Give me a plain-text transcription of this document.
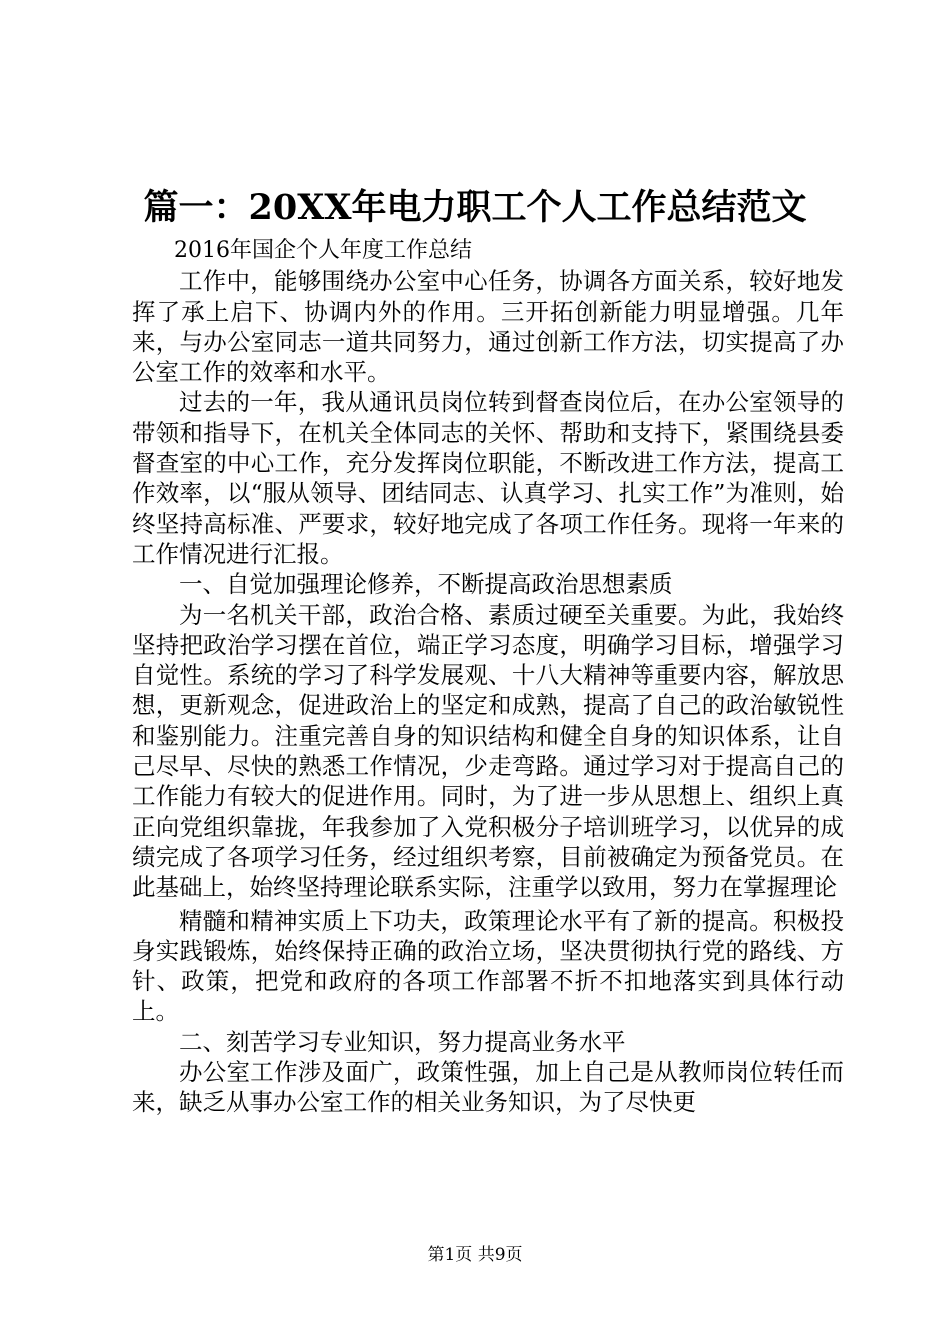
篇一：20XX年电力职工个人工作总结范文

2016年国企个人年度工作总结

工作中，能够围绕办公室中心任务，协调各方面关系，较好地发挥了承上启下、协调内外的作用。三开拓创新能力明显增强。几年来，与办公室同志一道共同努力，通过创新工作方法，切实提高了办公室工作的效率和水平。

过去的一年，我从通讯员岗位转到督查岗位后，在办公室领导的带领和指导下，在机关全体同志的关怀、帮助和支持下，紧围绕县委督查室的中心工作，充分发挥岗位职能，不断改进工作方法，提高工作效率，以“服从领导、团结同志、认真学习、扎实工作”为准则，始终坚持高标准、严要求，较好地完成了各项工作任务。现将一年来的工作情况进行汇报。

一、自觉加强理论修养，不断提高政治思想素质

为一名机关干部，政治合格、素质过硬至关重要。为此，我始终坚持把政治学习摆在首位，端正学习态度，明确学习目标，增强学习自觉性。系统的学习了科学发展观、十八大精神等重要内容，解放思想，更新观念，促进政治上的坚定和成熟，提高了自己的政治敏锐性和鉴别能力。注重完善自身的知识结构和健全自身的知识体系，让自己尽早、尽快的熟悉工作情况，少走弯路。通过学习对于提高自己的工作能力有较大的促进作用。同时，为了进一步从思想上、组织上真正向党组织靠拢，年我参加了入党积极分子培训班学习，以优异的成绩完成了各项学习任务，经过组织考察，目前被确定为预备党员。在此基础上，始终坚持理论联系实际，注重学以致用，努力在掌握理论

精髓和精神实质上下功夫，政策理论水平有了新的提高。积极投身实践锻炼，始终保持正确的政治立场，坚决贯彻执行党的路线、方针、政策，把党和政府的各项工作部署不折不扣地落实到具体行动上。

二、刻苦学习专业知识，努力提高业务水平

办公室工作涉及面广，政策性强，加上自己是从教师岗位转任而来，缺乏从事办公室工作的相关业务知识，为了尽快更

第1页 共9页
